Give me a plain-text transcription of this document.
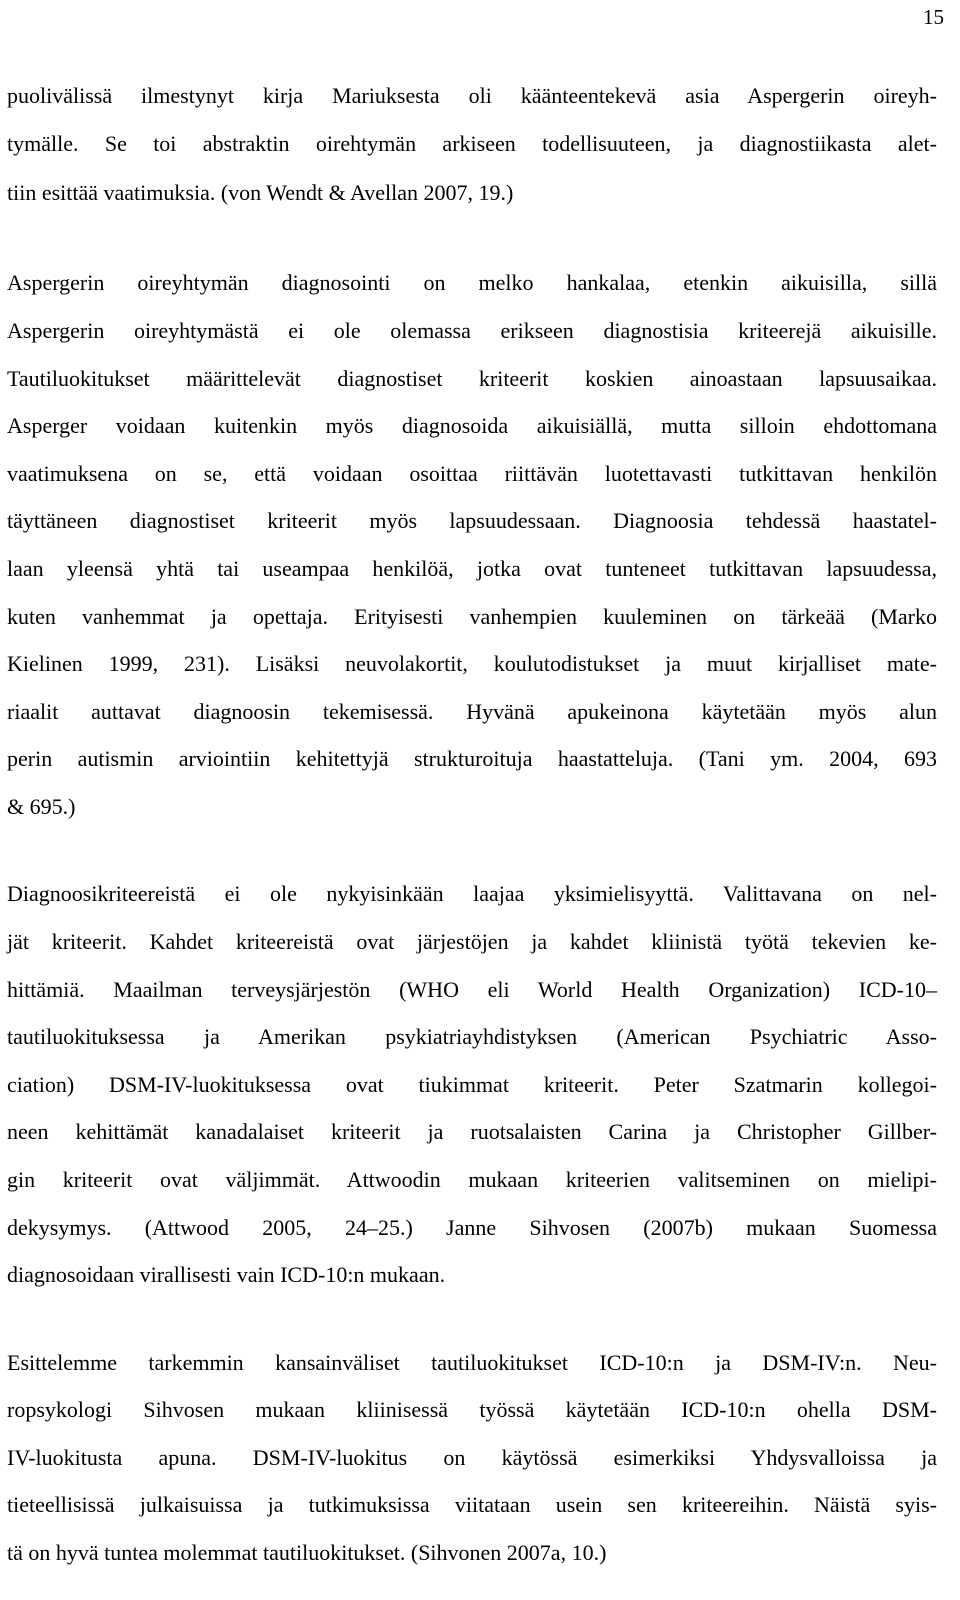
15
puolivälissä ilmestynyt kirja Mariuksesta oli käänteentekevä asia Aspergerin oireyh-
tymälle. Se toi abstraktin oirehtymän arkiseen todellisuuteen, ja diagnostiikasta alet-
tiin esittää vaatimuksia. (von Wendt & Avellan 2007, 19.)
Aspergerin oireyhtymän diagnosointi on melko hankalaa, etenkin aikuisilla, sillä
Aspergerin oireyhtymästä ei ole olemassa erikseen diagnostisia kriteerejä aikuisille.
Tautiluokitukset määrittelevät diagnostiset kriteerit koskien ainoastaan lapsuusaikaa.
Asperger voidaan kuitenkin myös diagnosoida aikuisiällä, mutta silloin ehdottomana
vaatimuksena on se, että voidaan osoittaa riittävän luotettavasti tutkittavan henkilön
täyttäneen diagnostiset kriteerit myös lapsuudessaan. Diagnoosia tehdessä haastatel-
laan yleensä yhtä tai useampaa henkilöä, jotka ovat tunteneet tutkittavan lapsuudessa,
kuten vanhemmat ja opettaja. Erityisesti vanhempien kuuleminen on tärkeää (Marko
Kielinen 1999, 231). Lisäksi neuvolakortit, koulutodistukset ja muut kirjalliset mate-
riaalit auttavat diagnoosin tekemisessä. Hyvänä apukeinona käytetään myös alun
perin autismin arviointiin kehitettyjä strukturoituja haastatteluja. (Tani ym. 2004, 693
& 695.)
Diagnoosikriteereistä ei ole nykyisinkään laajaa yksimielisyyttä. Valittavana on nel-
jät kriteerit. Kahdet kriteereistä ovat järjestöjen ja kahdet kliinistä työtä tekevien ke-
hittämiä. Maailman terveysjärjestön (WHO eli World Health Organization) ICD-10–
tautiluokituksessa ja Amerikan psykiatriayhdistyksen (American Psychiatric Asso-
ciation) DSM-IV-luokituksessa ovat tiukimmat kriteerit. Peter Szatmarin kollegoi-
neen kehittämät kanadalaiset kriteerit ja ruotsalaisten Carina ja Christopher Gillber-
gin kriteerit ovat väljimmät. Attwoodin mukaan kriteerien valitseminen on mielipi-
dekysymys. (Attwood 2005, 24–25.) Janne Sihvosen (2007b) mukaan Suomessa
diagnosoidaan virallisesti vain ICD-10:n mukaan.
Esittelemme tarkemmin kansainväliset tautiluokitukset ICD-10:n ja DSM-IV:n. Neu-
ropsykologi Sihvosen mukaan kliinisessä työssä käytetään ICD-10:n ohella DSM-
IV-luokitusta apuna. DSM-IV-luokitus on käytössä esimerkiksi Yhdysvalloissa ja
tieteellisissä julkaisuissa ja tutkimuksissa viitataan usein sen kriteereihin. Näistä syis-
tä on hyvä tuntea molemmat tautiluokitukset. (Sihvonen 2007a, 10.)
